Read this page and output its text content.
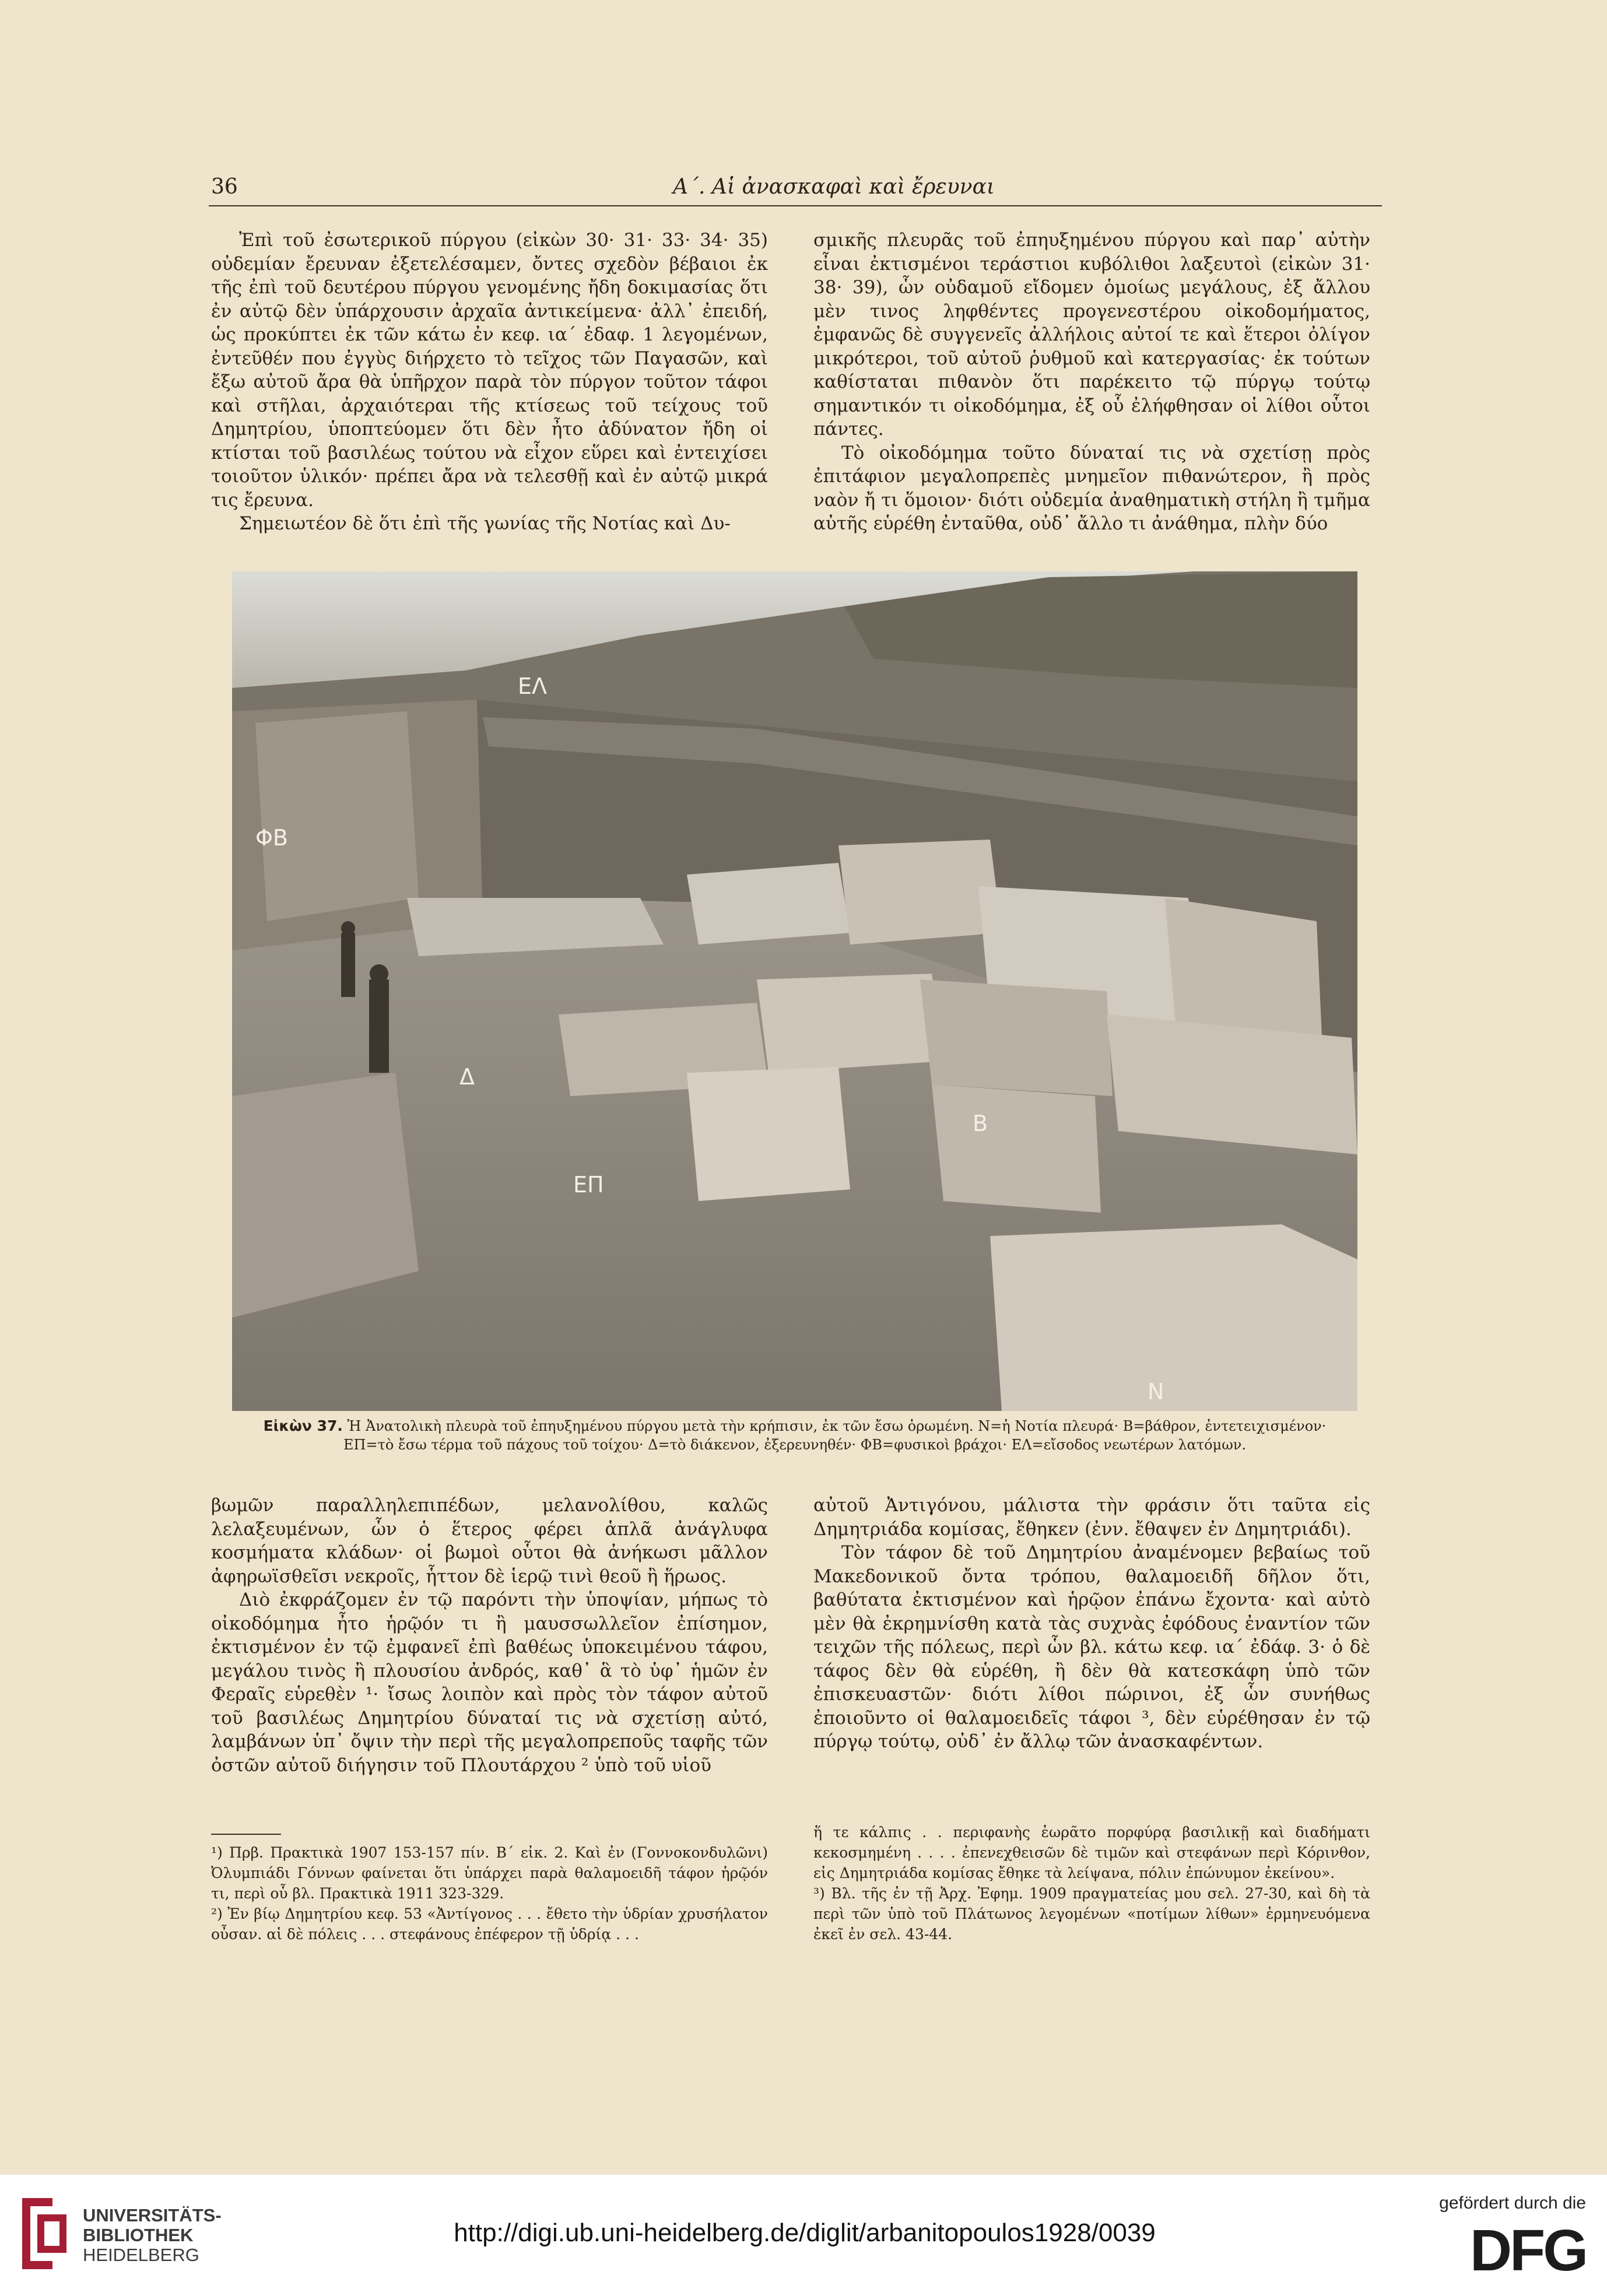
36	Α΄. Αἱ ἀνασκαφαὶ καὶ ἔρευναι

Ἐπὶ τοῦ ἐσωτερικοῦ πύργου (εἰκὼν 30· 31· 33· 34· 35) οὐδεμίαν ἔρευναν ἐξετελέσαμεν, ὄντες σχεδὸν βέβαιοι ἐκ τῆς ἐπὶ τοῦ δευτέρου πύργου γενομένης ἤδη δοκιμασίας ὅτι ἐν αὐτῷ δὲν ὑπάρχουσιν ἀρχαῖα ἀντικείμενα· ἀλλ᾽ ἐπειδή, ὡς προκύπτει ἐκ τῶν κάτω ἐν κεφ. ια΄ ἐδαφ. 1 λεγομένων, ἐντεῦθέν που ἐγγὺς διήρχετο τὸ τεῖχος τῶν Παγασῶν, καὶ ἔξω αὐτοῦ ἄρα θὰ ὑπῆρχον παρὰ τὸν πύργον τοῦτον τάφοι καὶ στῆλαι, ἀρχαιότεραι τῆς κτίσεως τοῦ τείχους τοῦ Δημητρίου, ὑποπτεύομεν ὅτι δὲν ἦτο ἀδύνατον ἤδη οἱ κτίσται τοῦ βασιλέως τούτου νὰ εἶχον εὕρει καὶ ἐντειχίσει τοιοῦτον ὑλικόν· πρέπει ἄρα νὰ τελεσθῇ καὶ ἐν αὐτῷ μικρά τις ἔρευνα.

Σημειωτέον δὲ ὅτι ἐπὶ τῆς γωνίας τῆς Νοτίας καὶ Δυ-

σμικῆς πλευρᾶς τοῦ ἐπηυξημένου πύργου καὶ παρ᾽ αὐτὴν εἶναι ἐκτισμένοι τεράστιοι κυβόλιθοι λαξευτοὶ (εἰκὼν 31· 38· 39), ὧν οὐδαμοῦ εἴδομεν ὁμοίως μεγάλους, ἐξ ἄλλου μὲν τινος ληφθέντες προγενεστέρου οἰκοδομήματος, ἐμφανῶς δὲ συγγενεῖς ἀλλήλοις αὐτοί τε καὶ ἕτεροι ὀλίγον μικρότεροι, τοῦ αὐτοῦ ῥυθμοῦ καὶ κατεργασίας· ἐκ τούτων καθίσταται πιθανὸν ὅτι παρέκειτο τῷ πύργῳ τούτῳ σημαντικόν τι οἰκοδόμημα, ἐξ οὗ ἐλήφθησαν οἱ λίθοι οὗτοι πάντες.

Τὸ οἰκοδόμημα τοῦτο δύναταί τις νὰ σχετίσῃ πρὸς ἐπιτάφιον μεγαλοπρεπὲς μνημεῖον πιθανώτερον, ἢ πρὸς ναὸν ἤ τι ὅμοιον· διότι οὐδεμία ἀναθηματικὴ στήλη ἢ τμῆμα αὐτῆς εὑρέθη ἐνταῦθα, οὐδ᾽ ἄλλο τι ἀνάθημα, πλὴν δύο

ΕΛ
ΦΒ
Δ
ΕΠ
Β
Ν
Εἰκὼν 37. Ἡ Ἀνατολικὴ πλευρὰ τοῦ ἐπηυξημένου πύργου μετὰ τὴν κρήπισιν, ἐκ τῶν ἔσω ὁρωμένη. Ν=ἡ Νοτία πλευρά· Β=βάθρον, ἐντετειχισμένον·
ΕΠ=τὸ ἔσω τέρμα τοῦ πάχους τοῦ τοίχου· Δ=τὸ διάκενον, ἐξερευνηθέν· ΦΒ=φυσικοὶ βράχοι· ΕΛ=εἴσοδος νεωτέρων λατόμων.

βωμῶν παραλληλεπιπέδων, μελανολίθου, καλῶς λελαξευμένων, ὧν ὁ ἕτερος φέρει ἁπλᾶ ἀνάγλυφα κοσμήματα κλάδων· οἱ βωμοὶ οὗτοι θὰ ἀνήκωσι μᾶλλον ἀφηρωϊσθεῖσι νεκροῖς, ἧττον δὲ ἱερῷ τινὶ θεοῦ ἢ ἥρωος.

Διὸ ἐκφράζομεν ἐν τῷ παρόντι τὴν ὑποψίαν, μήπως τὸ οἰκοδόμημα ἦτο ἡρῷόν τι ἢ μαυσσωλλεῖον ἐπίσημον, ἐκτισμένον ἐν τῷ ἐμφανεῖ ἐπὶ βαθέως ὑποκειμένου τάφου, μεγάλου τινὸς ἢ πλουσίου ἀνδρός, καθ᾽ ἃ τὸ ὑφ᾽ ἡμῶν ἐν Φεραῖς εὑρεθὲν ¹· ἴσως λοιπὸν καὶ πρὸς τὸν τάφον αὐτοῦ τοῦ βασιλέως Δημητρίου δύναταί τις νὰ σχετίσῃ αὐτό, λαμβάνων ὑπ᾽ ὄψιν τὴν περὶ τῆς μεγαλοπρεποῦς ταφῆς τῶν ὀστῶν αὐτοῦ διήγησιν τοῦ Πλουτάρχου ² ὑπὸ τοῦ υἱοῦ

αὐτοῦ Ἀντιγόνου, μάλιστα τὴν φράσιν ὅτι ταῦτα εἰς Δημητριάδα κομίσας, ἔθηκεν (ἐνν. ἔθαψεν ἐν Δημητριάδι).

Τὸν τάφον δὲ τοῦ Δημητρίου ἀναμένομεν βεβαίως τοῦ Μακεδονικοῦ ὄντα τρόπου, θαλαμοειδῆ δῆλον ὅτι, βαθύτατα ἐκτισμένον καὶ ἡρῷον ἐπάνω ἔχοντα· καὶ αὐτὸ μὲν θὰ ἐκρημνίσθη κατὰ τὰς συχνὰς ἐφόδους ἐναντίον τῶν τειχῶν τῆς πόλεως, περὶ ὧν βλ. κάτω κεφ. ια΄ ἐδάφ. 3· ὁ δὲ τάφος δὲν θὰ εὑρέθη, ἢ δὲν θὰ κατεσκάφη ὑπὸ τῶν ἐπισκευαστῶν· διότι λίθοι πώρινοι, ἐξ ὧν συνήθως ἐποιοῦντο οἱ θαλαμοειδεῖς τάφοι ³, δὲν εὑρέθησαν ἐν τῷ πύργῳ τούτῳ, οὐδ᾽ ἐν ἄλλῳ τῶν ἀνασκαφέντων.

¹) Πρβ. Πρακτικὰ 1907 153-157 πίν. Β΄ εἰκ. 2. Καὶ ἐν (Γοννοκονδυλῶνι) Ὀλυμπιάδι Γόννων φαίνεται ὅτι ὑπάρχει παρὰ θαλαμοειδῆ τάφον ἡρῷόν τι, περὶ οὗ βλ. Πρακτικὰ 1911 323-329.

²) Ἐν βίῳ Δημητρίου κεφ. 53 «Ἀντίγονος . . . ἔθετο τὴν ὑδρίαν χρυσήλατον οὖσαν. αἱ δὲ πόλεις . . . στεφάνους ἐπέφερον τῇ ὑδρίᾳ . . .

ἥ τε κάλπις . . περιφανὴς ἑωρᾶτο πορφύρᾳ βασιλικῇ καὶ διαδήματι κεκοσμημένη . . . . ἐπενεχθεισῶν δὲ τιμῶν καὶ στεφάνων περὶ Κόρινθον, εἰς Δημητριάδα κομίσας ἔθηκε τὰ λείψανα, πόλιν ἐπώνυμον ἐκείνου».

³) Βλ. τῆς ἐν τῇ Ἀρχ. Ἐφημ. 1909 πραγματείας μου σελ. 27-30, καὶ δὴ τὰ περὶ τῶν ὑπὸ τοῦ Πλάτωνος λεγομένων «ποτίμων λίθων» ἑρμηνευόμενα ἐκεῖ ἐν σελ. 43-44.

UNIVERSITÄTS-
BIBLIOTHEK
HEIDELBERG
http://digi.ub.uni-heidelberg.de/diglit/arbanitopoulos1928/0039
gefördert durch die
DFG
